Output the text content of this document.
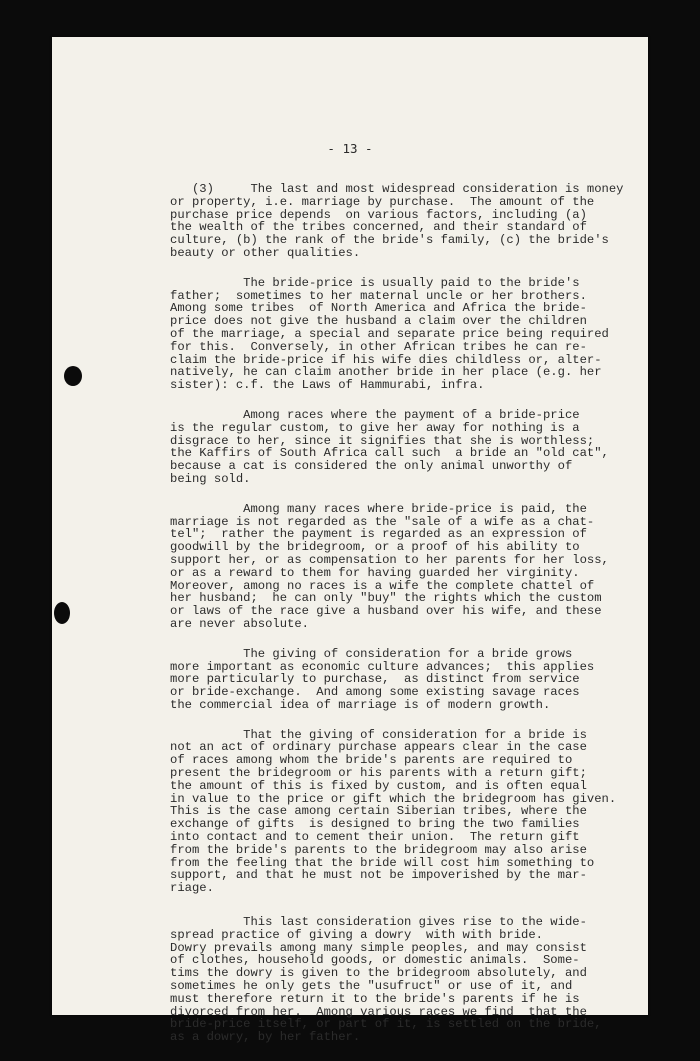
- 13 -

(3)     The last and most widespread consideration is money
or property, i.e. marriage by purchase.  The amount of the
purchase price depends  on various factors, including (a)
the wealth of the tribes concerned, and their standard of
culture, (b) the rank of the bride's family, (c) the bride's
beauty or other qualities.

The bride-price is usually paid to the bride's
father;  sometimes to her maternal uncle or her brothers.
Among some tribes  of North America and Africa the bride-
price does not give the husband a claim over the children
of the marriage, a special and separate price being required
for this.  Conversely, in other African tribes he can re-
claim the bride-price if his wife dies childless or, alter-
natively, he can claim another bride in her place (e.g. her
sister): c.f. the Laws of Hammurabi, infra.

Among races where the payment of a bride-price
is the regular custom, to give her away for nothing is a
disgrace to her, since it signifies that she is worthless;
the Kaffirs of South Africa call such  a bride an "old cat",
because a cat is considered the only animal unworthy of
being sold.

Among many races where bride-price is paid, the
marriage is not regarded as the "sale of a wife as a chat-
tel";  rather the payment is regarded as an expression of
goodwill by the bridegroom, or a proof of his ability to
support her, or as compensation to her parents for her loss,
or as a reward to them for having guarded her virginity.
Moreover, among no races is a wife the complete chattel of
her husband;  he can only "buy" the rights which the custom
or laws of the race give a husband over his wife, and these
are never absolute.

The giving of consideration for a bride grows
more important as economic culture advances;  this applies
more particularly to purchase,  as distinct from service
or bride-exchange.  And among some existing savage races
the commercial idea of marriage is of modern growth.

That the giving of consideration for a bride is
not an act of ordinary purchase appears clear in the case
of races among whom the bride's parents are required to
present the bridegroom or his parents with a return gift;
the amount of this is fixed by custom, and is often equal
in value to the price or gift which the bridegroom has given.
This is the case among certain Siberian tribes, where the
exchange of gifts  is designed to bring the two families
into contact and to cement their union.  The return gift
from the bride's parents to the bridegroom may also arise
from the feeling that the bride will cost him something to
support, and that he must not be impoverished by the mar-
riage.

This last consideration gives rise to the wide-
spread practice of giving a dowry  with with bride.
Dowry prevails among many simple peoples, and may consist
of clothes, household goods, or domestic animals.  Some-
tims the dowry is given to the bridegroom absolutely, and
sometimes he only gets the "usufruct" or use of it, and
must therefore return it to the bride's parents if he is
divorced from her.  Among various races we find  that the
bride-price itself, or part of it, is settled on the bride,
as a dowry, by her father.
